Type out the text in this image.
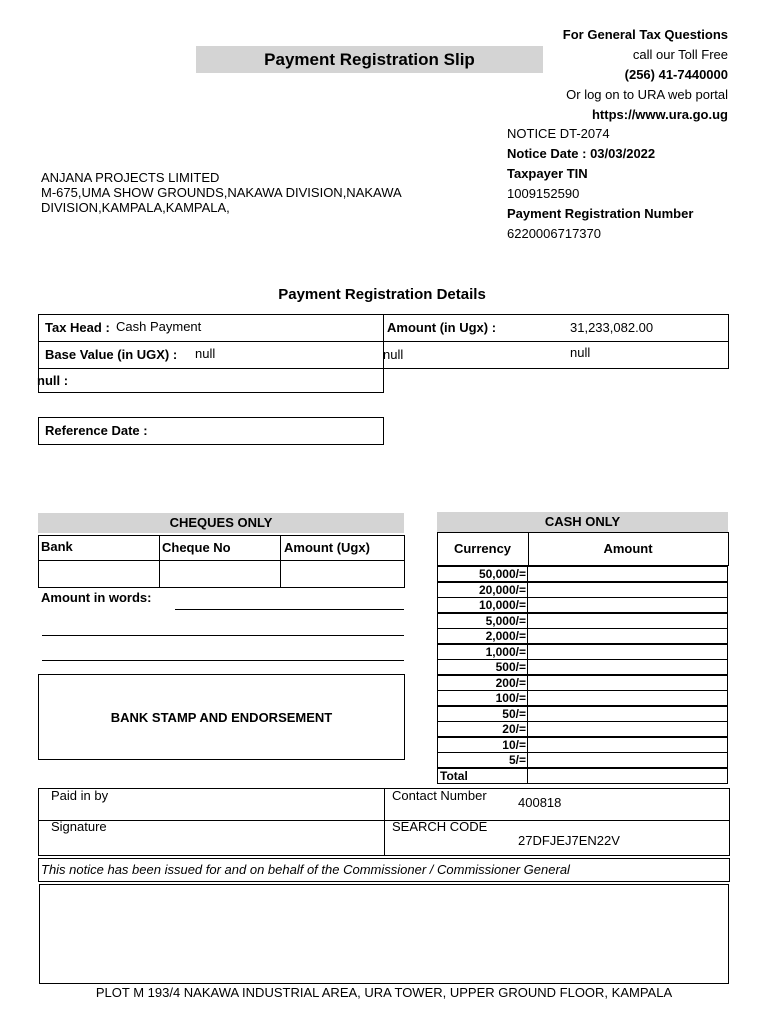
Payment Registration Slip
For General Tax Questions
call our Toll Free
(256) 41-7440000
Or log on to URA web portal
https://www.ura.go.ug
NOTICE DT-2074
Notice Date : 03/03/2022
Taxpayer TIN
1009152590
Payment Registration Number
6220006717370
ANJANA PROJECTS LIMITED
M-675,UMA SHOW GROUNDS,NAKAWA DIVISION,NAKAWA
DIVISION,KAMPALA,KAMPALA,
Payment Registration Details
Tax Head : Cash Payment	Amount (in Ugx) :	31,233,082.00
Base Value (in UGX) : null	null	null
null :
Reference Date :
CHEQUES ONLY
Bank	Cheque No	Amount (Ugx)
Amount in words:
BANK STAMP AND ENDORSEMENT
CASH ONLY
Currency	Amount
50,000/=
20,000/=
10,000/=
5,000/=
2,000/=
1,000/=
500/=
200/=
100/=
50/=
20/=
10/=
5/=
Total
Paid in by	Contact Number 400818
Signature	SEARCH CODE
27DFJEJ7EN22V
This notice has been issued for and on behalf of the Commissioner / Commissioner General
PLOT M 193/4 NAKAWA INDUSTRIAL AREA, URA TOWER, UPPER GROUND FLOOR, KAMPALA
